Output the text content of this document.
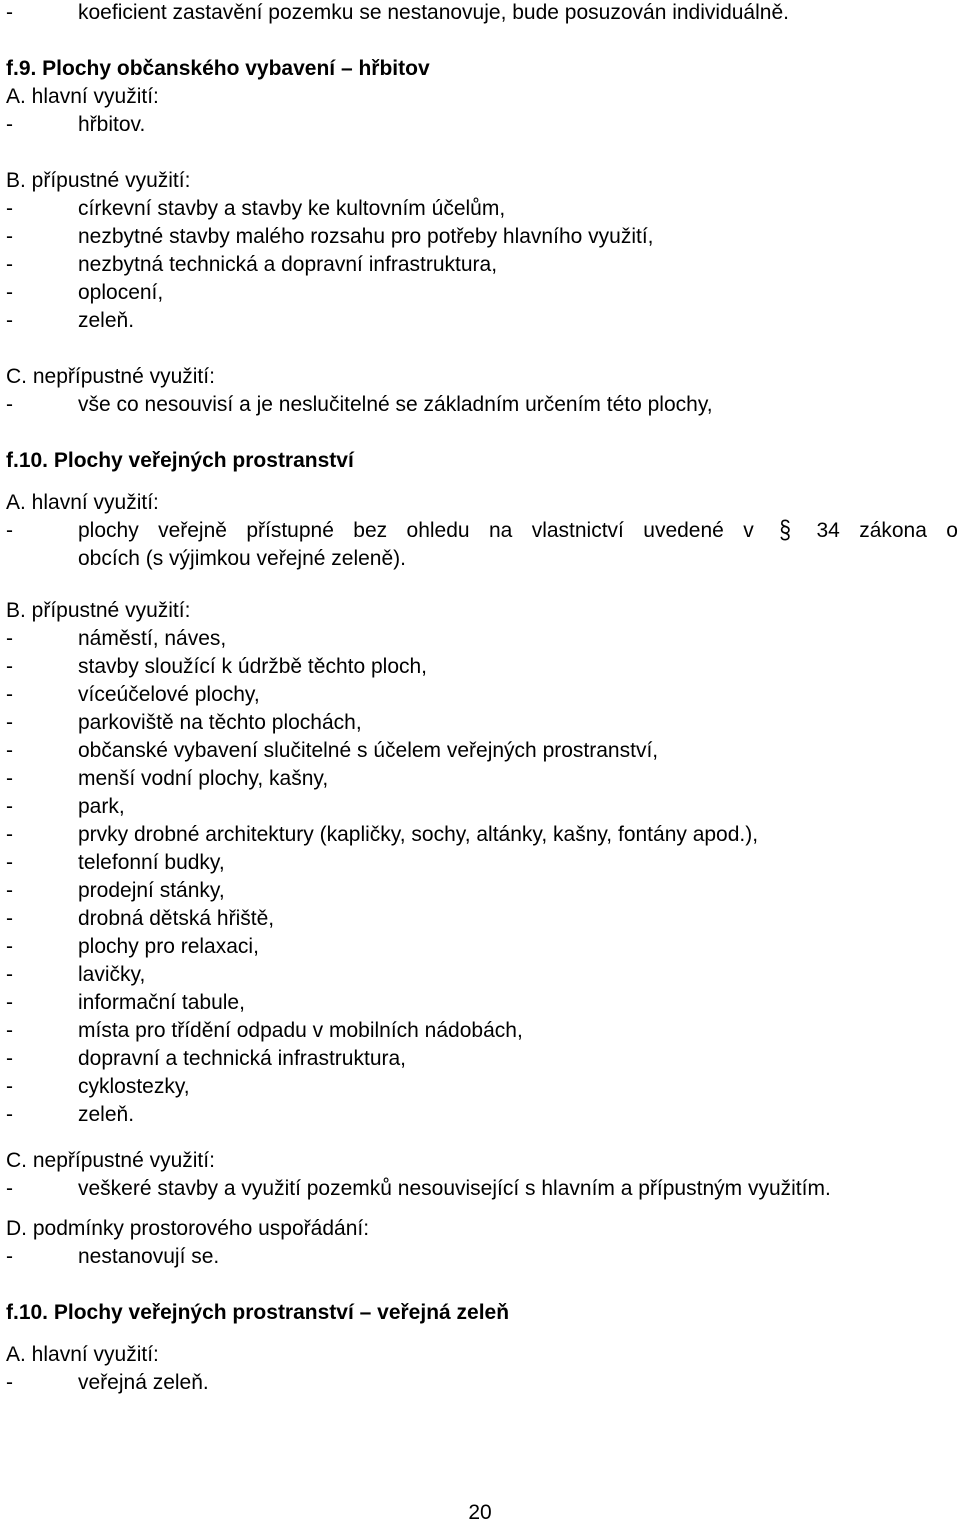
-	koeficient zastavění pozemku se nestanovuje, bude posuzován individuálně.
f.9. Plochy občanského vybavení – hřbitov
A. hlavní využití:
-	hřbitov.
B. přípustné využití:
-	církevní stavby a stavby ke kultovním účelům,
-	nezbytné stavby malého rozsahu pro potřeby hlavního využití,
-	nezbytná technická a dopravní infrastruktura,
-	oplocení,
-	zeleň.
C. nepřípustné využití:
-	vše co nesouvisí a je neslučitelné se základním určením této plochy,
f.10. Plochy veřejných prostranství
A. hlavní využití:
-	plochy veřejně přístupné bez ohledu na vlastnictví uvedené v § 34 zákona o
obcích (s výjimkou veřejné zeleně).
B. přípustné využití:
-	náměstí, náves,
-	stavby sloužící k údržbě těchto ploch,
-	víceúčelové plochy,
-	parkoviště na těchto plochách,
-	občanské vybavení slučitelné s účelem veřejných prostranství,
-	menší vodní plochy, kašny,
-	park,
-	prvky drobné architektury (kapličky, sochy, altánky, kašny, fontány apod.),
-	telefonní budky,
-	prodejní stánky,
-	drobná dětská hřiště,
-	plochy pro relaxaci,
-	lavičky,
-	informační tabule,
-	místa pro třídění odpadu v mobilních nádobách,
-	dopravní a technická infrastruktura,
-	cyklostezky,
-	zeleň.
C. nepřípustné využití:
-	veškeré stavby a využití pozemků nesouvisející s hlavním a přípustným využitím.
D. podmínky prostorového uspořádání:
-	nestanovují se.
f.10. Plochy veřejných prostranství – veřejná zeleň
A. hlavní využití:
-	veřejná zeleň.
20
